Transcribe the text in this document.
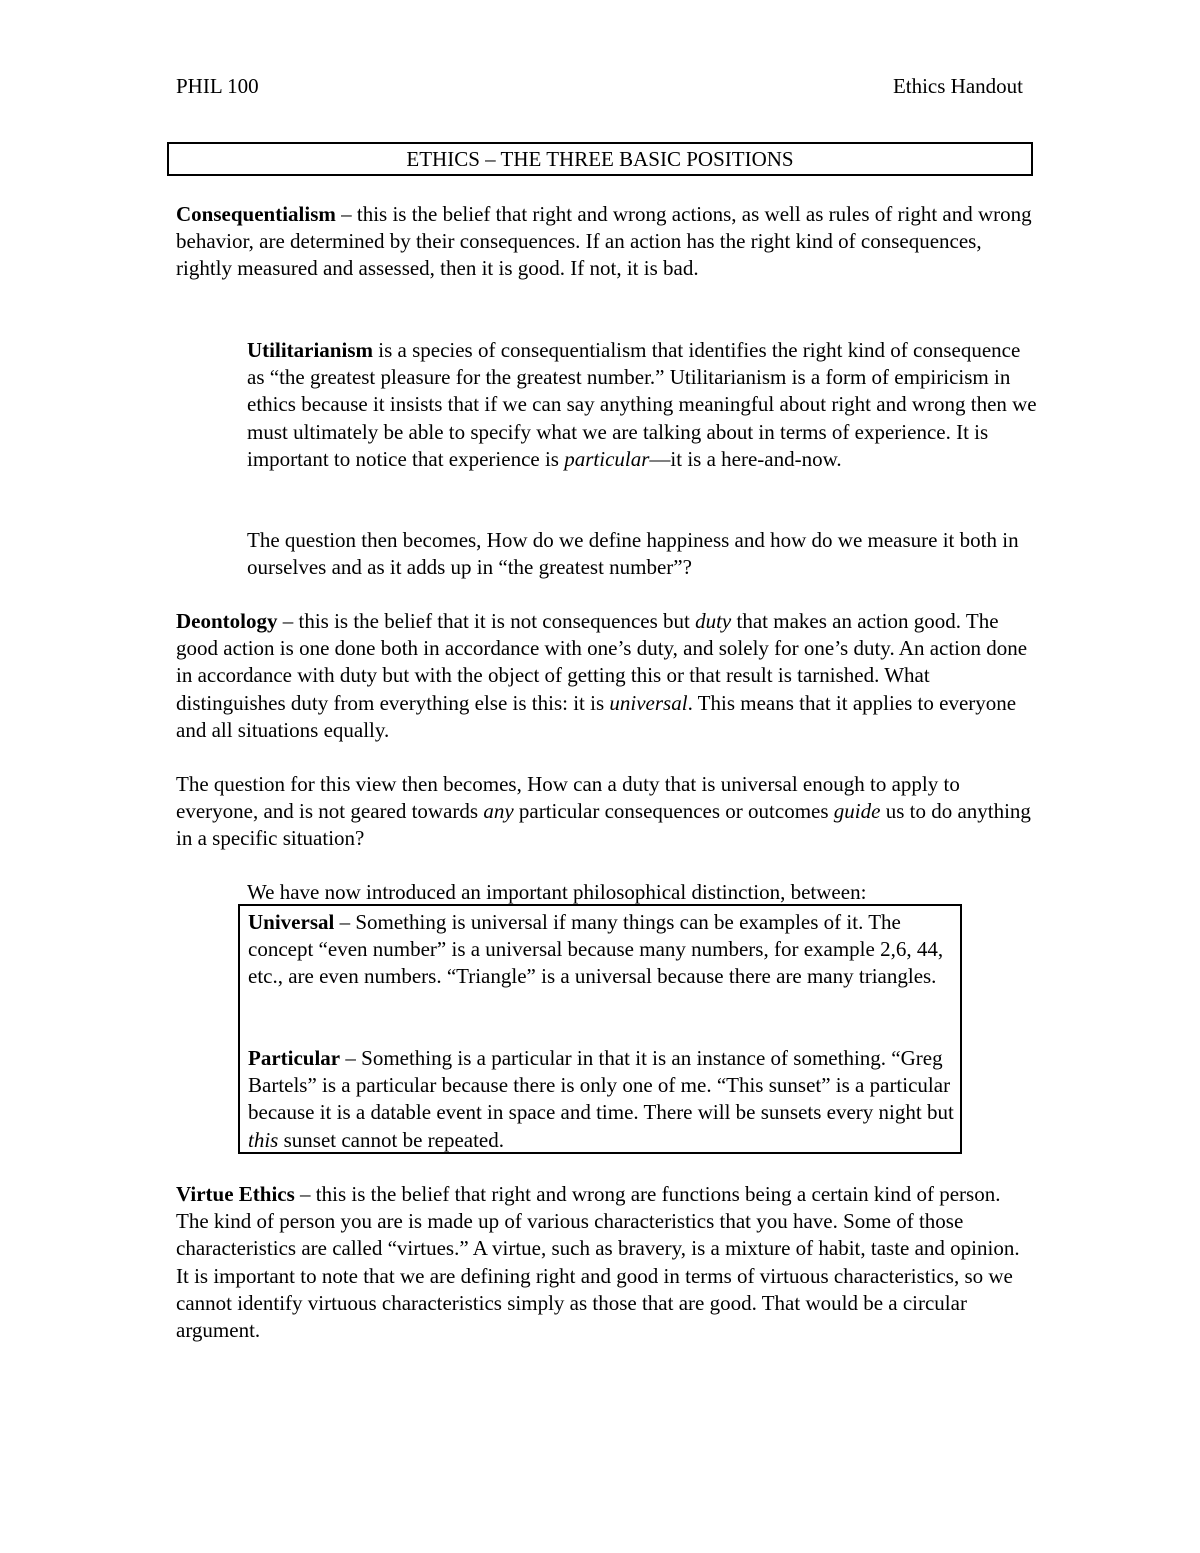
PHIL 100	Ethics Handout
ETHICS – THE THREE BASIC POSITIONS
Consequentialism – this is the belief that right and wrong actions, as well as rules of right and wrong behavior, are determined by their consequences. If an action has the right kind of consequences, rightly measured and assessed, then it is good. If not, it is bad.
Utilitarianism is a species of consequentialism that identifies the right kind of consequence as “the greatest pleasure for the greatest number.” Utilitarianism is a form of empiricism in ethics because it insists that if we can say anything meaningful about right and wrong then we must ultimately be able to specify what we are talking about in terms of experience. It is important to notice that experience is particular—it is a here-and-now.
The question then becomes, How do we define happiness and how do we measure it both in ourselves and as it adds up in “the greatest number”?
Deontology – this is the belief that it is not consequences but duty that makes an action good. The good action is one done both in accordance with one’s duty, and solely for one’s duty. An action done in accordance with duty but with the object of getting this or that result is tarnished. What distinguishes duty from everything else is this: it is universal. This means that it applies to everyone and all situations equally.
The question for this view then becomes, How can a duty that is universal enough to apply to everyone, and is not geared towards any particular consequences or outcomes guide us to do anything in a specific situation?
We have now introduced an important philosophical distinction, between:
Universal – Something is universal if many things can be examples of it. The concept “even number” is a universal because many numbers, for example 2,6, 44, etc., are even numbers. “Triangle” is a universal because there are many triangles.
Particular – Something is a particular in that it is an instance of something. “Greg Bartels” is a particular because there is only one of me. “This sunset” is a particular because it is a datable event in space and time. There will be sunsets every night but this sunset cannot be repeated.
Virtue Ethics – this is the belief that right and wrong are functions being a certain kind of person. The kind of person you are is made up of various characteristics that you have. Some of those characteristics are called “virtues.” A virtue, such as bravery, is a mixture of habit, taste and opinion. It is important to note that we are defining right and good in terms of virtuous characteristics, so we cannot identify virtuous characteristics simply as those that are good. That would be a circular argument.
